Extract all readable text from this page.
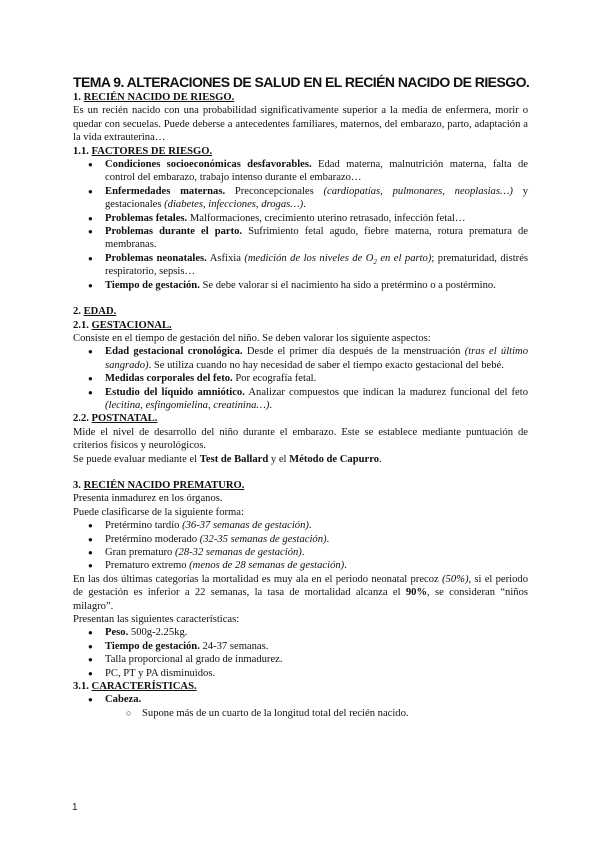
TEMA 9. ALTERACIONES DE SALUD EN EL RECIÉN NACIDO DE RIESGO.

1. RECIÉN NACIDO DE RIESGO.

Es un recién nacido con una probabilidad significativamente superior a la media de enfermera, morir o quedar con secuelas. Puede deberse a antecedentes familiares, maternos, del embarazo, parto, adaptación a la vida extrauterina…

1.1. FACTORES DE RIESGO.

● Condiciones socioeconómicas desfavorables. Edad materna, malnutrición materna, falta de control del embarazo, trabajo intenso durante el embarazo…
● Enfermedades maternas. Preconcepcionales (cardiopatías, pulmonares, neoplasias…) y gestacionales (diabetes, infecciones, drogas…).
● Problemas fetales. Malformaciones, crecimiento uterino retrasado, infección fetal…
● Problemas durante el parto. Sufrimiento fetal agudo, fiebre materna, rotura prematura de membranas.
● Problemas neonatales. Asfixia (medición de los niveles de $O_2$ en el parto); prematuridad, distrés respiratorio, sepsis…
● Tiempo de gestación. Se debe valorar si el nacimiento ha sido a pretérmino o a postérmino.

2. EDAD.

2.1. GESTACIONAL.

Consiste en el tiempo de gestación del niño. Se deben valorar los siguiente aspectos:

● Edad gestacional cronológica. Desde el primer día después de la menstruación (tras el último sangrado). Se utiliza cuando no hay necesidad de saber el tiempo exacto gestacional del bebé.
● Medidas corporales del feto. Por ecografía fetal.
● Estudio del líquido amniótico. Analizar compuestos que indican la madurez funcional del feto (lecitina, esfingomielina, creatinina…).

2.2. POSTNATAL.

Mide el nivel de desarrollo del niño durante el embarazo. Este se establece mediante puntuación de criterios físicos y neurológicos.

Se puede evaluar mediante el Test de Ballard y el Método de Capurro.

3. RECIÉN NACIDO PREMATURO.

Presenta inmadurez en los órganos.

Puede clasificarse de la siguiente forma:

● Pretérmino tardío (36-37 semanas de gestación).
● Pretérmino moderado (32-35 semanas de gestación).
● Gran prematuro (28-32 semanas de gestación).
● Prematuro extremo (menos de 28 semanas de gestación).

En las dos últimas categorías la mortalidad es muy ala en el periodo neonatal precoz (50%), si el periodo de gestación es inferior a 22 semanas, la tasa de mortalidad alcanza el 90%, se consideran “niños milagro”.

Presentan las siguientes características:

● Peso. 500g-2.25kg.
● Tiempo de gestación. 24-37 semanas.
● Talla proporcional al grado de inmadurez.
● PC, PT y PA disminuidos.

3.1. CARACTERÍSTICAS.

● Cabeza.
○ Supone más de un cuarto de la longitud total del recién nacido.
1
